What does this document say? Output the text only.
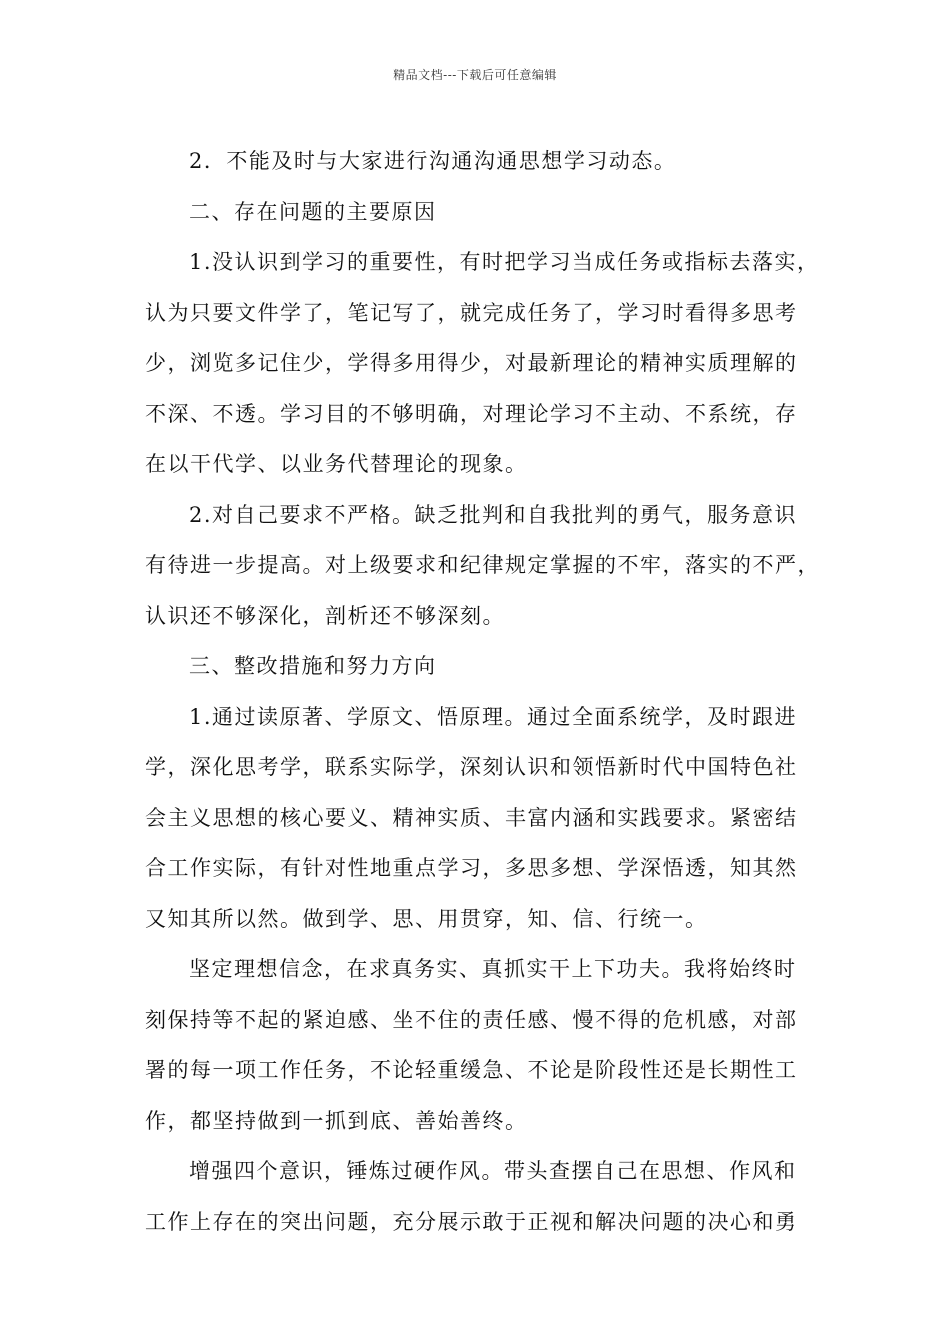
精品文档---下载后可任意编辑
2．不能及时与大家进行沟通沟通思想学习动态。
二、存在问题的主要原因
1.没认识到学习的重要性，有时把学习当成任务或指标去落实，
认为只要文件学了，笔记写了，就完成任务了，学习时看得多思考
少，浏览多记住少，学得多用得少，对最新理论的精神实质理解的
不深、不透。学习目的不够明确，对理论学习不主动、不系统，存
在以干代学、以业务代替理论的现象。
2.对自己要求不严格。缺乏批判和自我批判的勇气，服务意识
有待进一步提高。对上级要求和纪律规定掌握的不牢，落实的不严，
认识还不够深化，剖析还不够深刻。
三、整改措施和努力方向
1.通过读原著、学原文、悟原理。通过全面系统学，及时跟进
学，深化思考学，联系实际学，深刻认识和领悟新时代中国特色社
会主义思想的核心要义、精神实质、丰富内涵和实践要求。紧密结
合工作实际，有针对性地重点学习，多思多想、学深悟透，知其然
又知其所以然。做到学、思、用贯穿，知、信、行统一。
坚定理想信念，在求真务实、真抓实干上下功夫。我将始终时
刻保持等不起的紧迫感、坐不住的责任感、慢不得的危机感，对部
署的每一项工作任务，不论轻重缓急、不论是阶段性还是长期性工
作，都坚持做到一抓到底、善始善终。
增强四个意识，锤炼过硬作风。带头查摆自己在思想、作风和
工作上存在的突出问题，充分展示敢于正视和解决问题的决心和勇
